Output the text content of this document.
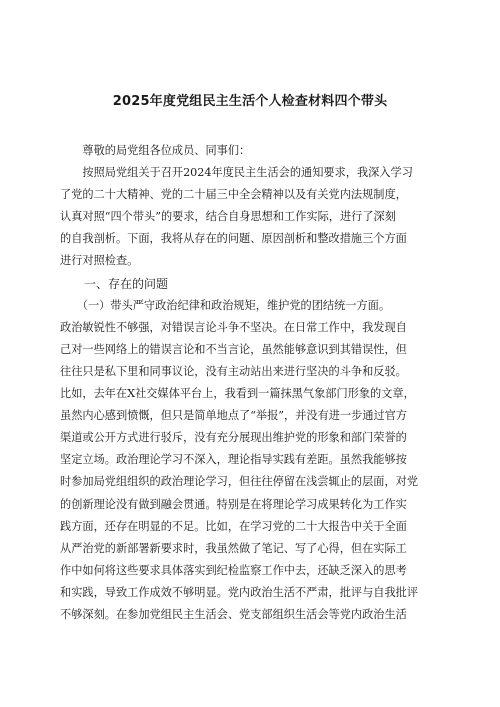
2025年度党组民主生活个人检查材料四个带头
　　尊敬的局党组各位成员、同事们：
　　按照局党组关于召开2024年度民主生活会的通知要求，我深入学习
了党的二十大精神、党的二十届三中全会精神以及有关党内法规制度，
认真对照“四个带头”的要求，结合自身思想和工作实际，进行了深刻
的自我剖析。下面，我将从存在的问题、原因剖析和整改措施三个方面
进行对照检查。
　　一、存在的问题
　　（一）带头严守政治纪律和政治规矩，维护党的团结统一方面。
政治敏锐性不够强，对错误言论斗争不坚决。在日常工作中，我发现自
己对一些网络上的错误言论和不当言论，虽然能够意识到其错误性，但
往往只是私下里和同事议论，没有主动站出来进行坚决的斗争和反驳。
比如，去年在X社交媒体平台上，我看到一篇抹黑气象部门形象的文章，
虽然内心感到愤慨，但只是简单地点了“举报”，并没有进一步通过官方
渠道或公开方式进行驳斥，没有充分展现出维护党的形象和部门荣誉的
坚定立场。政治理论学习不深入，理论指导实践有差距。虽然我能够按
时参加局党组组织的政治理论学习，但往往停留在浅尝辄止的层面，对党
的创新理论没有做到融会贯通。特别是在将理论学习成果转化为工作实
践方面，还存在明显的不足。比如，在学习党的二十大报告中关于全面
从严治党的新部署新要求时，我虽然做了笔记、写了心得，但在实际工
作中如何将这些要求具体落实到纪检监察工作中去，还缺乏深入的思考
和实践，导致工作成效不够明显。党内政治生活不严肃，批评与自我批评
不够深刻。在参加党组民主生活会、党支部组织生活会等党内政治生活
